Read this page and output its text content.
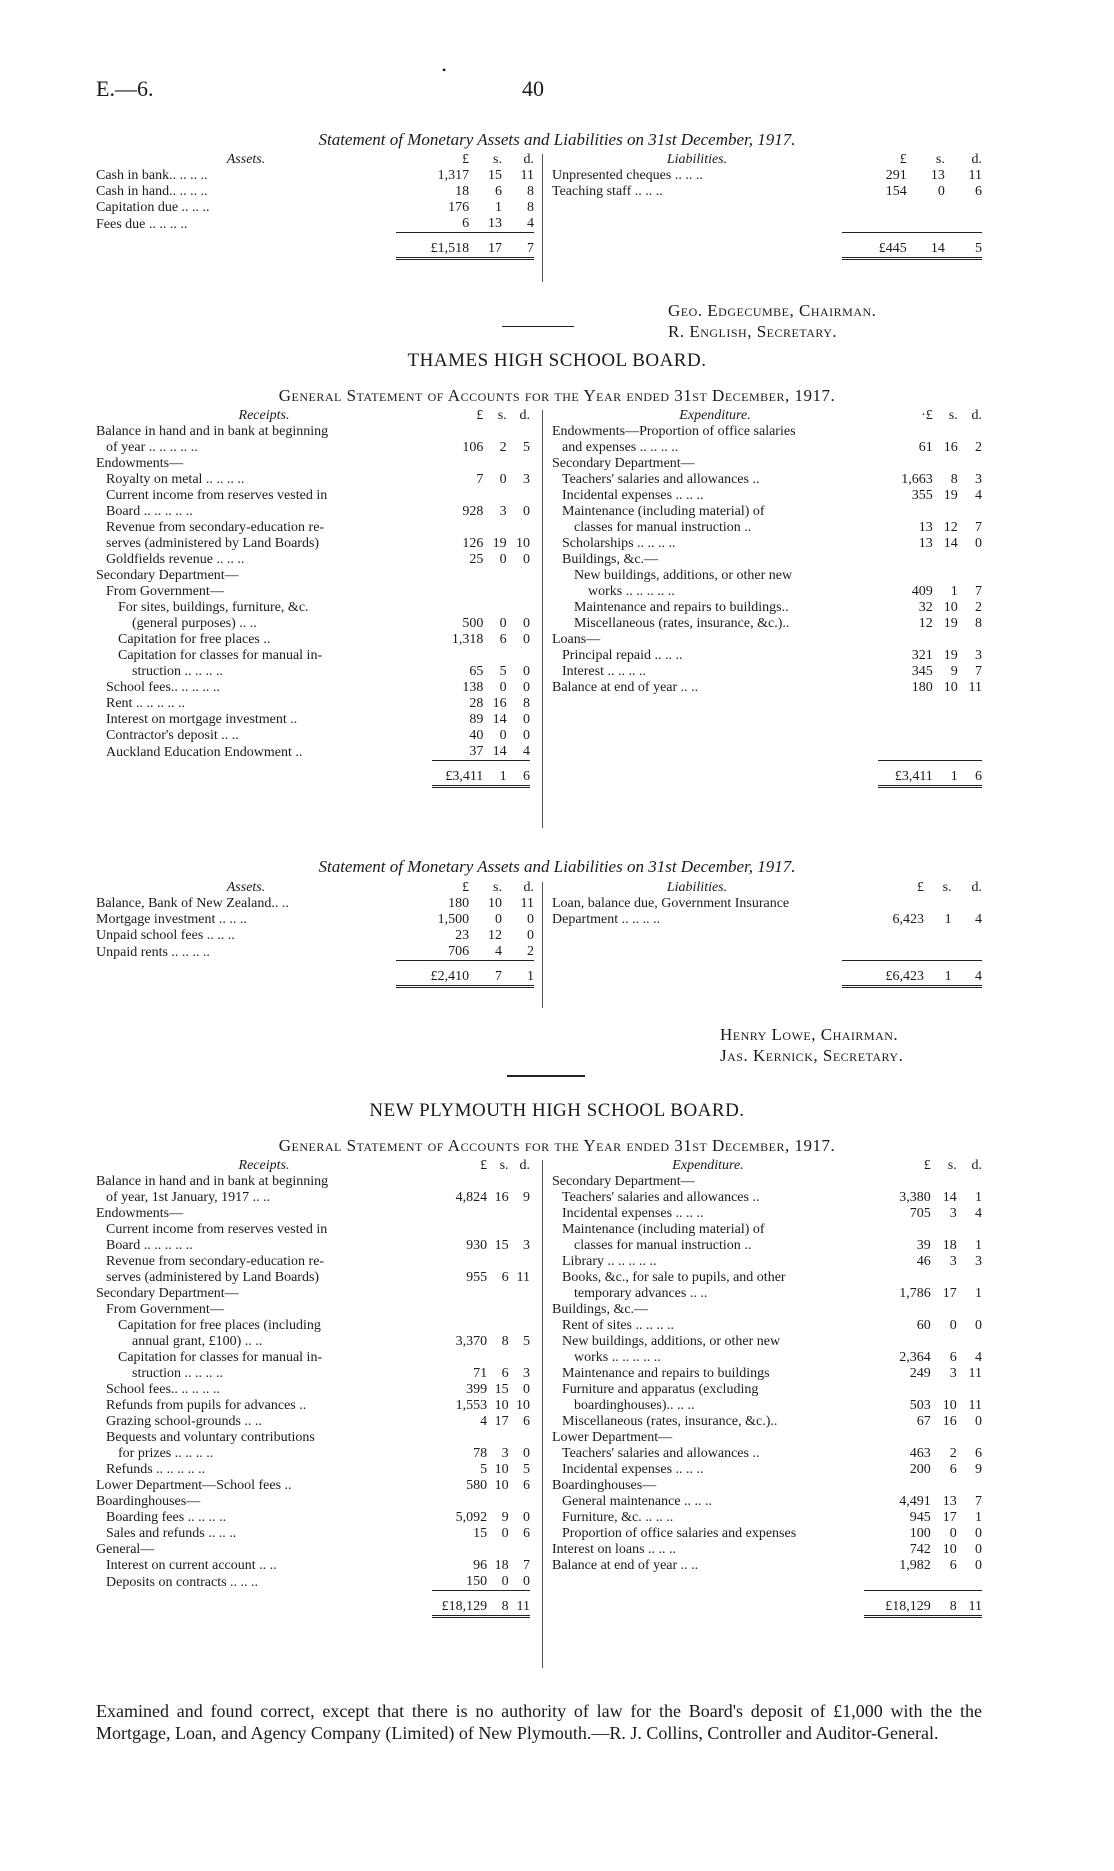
E.—6.
•
40
Statement of Monetary Assets and Liabilities on 31st December, 1917.
Assets.	£	s.	d.
Cash in bank.. .. .. ..	1,317	15	11
Cash in hand.. .. .. ..	18	6	8
Capitation due .. .. ..	176	1	8
Fees due .. .. .. ..	6	13	4
	£1,518	17	7
Liabilities.	£	s.	d.
Unpresented cheques .. .. ..	291	13	11
Teaching staff .. .. ..	154	0	6

	£445	14	5
Geo. Edgecumbe, Chairman.
R. English, Secretary.
THAMES HIGH SCHOOL BOARD.
General Statement of Accounts for the Year ended 31st December, 1917.
Receipts.	£	s.	d.
Balance in hand and in bank at beginning			
of year .. .. .. .. ..	106	2	5
Endowments—			
Royalty on metal .. .. .. ..	7	0	3
Current income from reserves vested in			
Board .. .. .. .. ..	928	3	0
Revenue from secondary-education re-			
serves (administered by Land Boards)	126	19	10
Goldfields revenue .. .. ..	25	0	0
Secondary Department—			
From Government—			
For sites, buildings, furniture, &c.			
(general purposes) .. ..	500	0	0
Capitation for free places ..	1,318	6	0
Capitation for classes for manual in-			
struction .. .. .. ..	65	5	0
School fees.. .. .. .. ..	138	0	0
Rent .. .. .. .. ..	28	16	8
Interest on mortgage investment ..	89	14	0
Contractor's deposit .. ..	40	0	0
Auckland Education Endowment ..	37	14	4
	£3,411	1	6
Expenditure.	·£	s.	d.
Endowments—Proportion of office salaries			
and expenses .. .. .. ..	61	16	2
Secondary Department—			
Teachers' salaries and allowances ..	1,663	8	3
Incidental expenses .. .. ..	355	19	4
Maintenance (including material) of			
classes for manual instruction ..	13	12	7
Scholarships .. .. .. ..	13	14	0
Buildings, &c.—			
New buildings, additions, or other new			
works .. .. .. .. ..	409	1	7
Maintenance and repairs to buildings..	32	10	2
Miscellaneous (rates, insurance, &c.)..	12	19	8
Loans—			
Principal repaid .. .. ..	321	19	3
Interest .. .. .. ..	345	9	7
Balance at end of year .. ..	180	10	11

	£3,411	1	6
Statement of Monetary Assets and Liabilities on 31st December, 1917.
Assets.	£	s.	d.
Balance, Bank of New Zealand.. ..	180	10	11
Mortgage investment .. .. ..	1,500	0	0
Unpaid school fees .. .. ..	23	12	0
Unpaid rents .. .. .. ..	706	4	2
	£2,410	7	1
Liabilities.	£	s.	d.
Loan, balance due, Government Insurance			
Department .. .. .. ..	6,423	1	4

	£6,423	1	4
Henry Lowe, Chairman.
Jas. Kernick, Secretary.
NEW PLYMOUTH HIGH SCHOOL BOARD.
General Statement of Accounts for the Year ended 31st December, 1917.
Receipts.	£	s.	d.
Balance in hand and in bank at beginning			
of year, 1st January, 1917 .. ..	4,824	16	9
Endowments—			
Current income from reserves vested in			
Board .. .. .. .. ..	930	15	3
Revenue from secondary-education re-			
serves (administered by Land Boards)	955	6	11
Secondary Department—			
From Government—			
Capitation for free places (including			
annual grant, £100) .. ..	3,370	8	5
Capitation for classes for manual in-			
struction .. .. .. ..	71	6	3
School fees.. .. .. .. ..	399	15	0
Refunds from pupils for advances ..	1,553	10	10
Grazing school-grounds .. ..	4	17	6
Bequests and voluntary contributions			
for prizes .. .. .. ..	78	3	0
Refunds .. .. .. .. ..	5	10	5
Lower Department—School fees ..	580	10	6
Boardinghouses—			
Boarding fees .. .. .. ..	5,092	9	0
Sales and refunds .. .. ..	15	0	6
General—			
Interest on current account .. ..	96	18	7
Deposits on contracts .. .. ..	150	0	0
	£18,129	8	11
Expenditure.	£	s.	d.
Secondary Department—			
Teachers' salaries and allowances ..	3,380	14	1
Incidental expenses .. .. ..	705	3	4
Maintenance (including material) of			
classes for manual instruction ..	39	18	1
Library .. .. .. .. ..	46	3	3
Books, &c., for sale to pupils, and other			
temporary advances .. ..	1,786	17	1
Buildings, &c.—			
Rent of sites .. .. .. ..	60	0	0
New buildings, additions, or other new			
works .. .. .. .. ..	2,364	6	4
Maintenance and repairs to buildings	249	3	11
Furniture and apparatus (excluding			
boardinghouses).. .. ..	503	10	11
Miscellaneous (rates, insurance, &c.)..	67	16	0
Lower Department—			
Teachers' salaries and allowances ..	463	2	6
Incidental expenses .. .. ..	200	6	9
Boardinghouses—			
General maintenance .. .. ..	4,491	13	7
Furniture, &c. .. .. ..	945	17	1
Proportion of office salaries and expenses	100	0	0
Interest on loans .. .. ..	742	10	0
Balance at end of year .. ..	1,982	6	0

	£18,129	8	11
Examined and found correct, except that there is no authority of law for the Board's deposit of £1,000 with the the Mortgage, Loan, and Agency Company (Limited) of New Plymouth.—R. J. Collins, Controller and Auditor-General.
